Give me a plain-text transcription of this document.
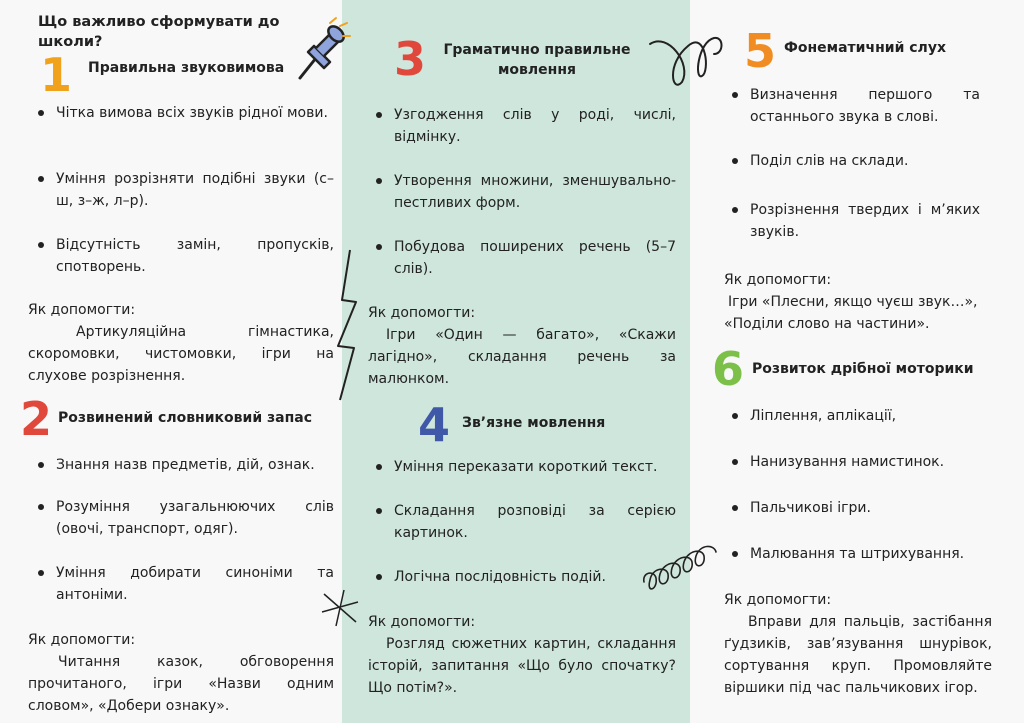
Що важливо сформувати до школи?
1 Правильна звуковимова
Чітка вимова всіх звуків рідної мови.
Уміння розрізняти подібні звуки (с–ш, з–ж, л–р).
Відсутність замін, пропусків, спотворень.
Як допомогти:
Артикуляційна гімнастика, скоромовки, чистомовки, ігри на слухове розрізнення.
2 Розвинений словниковий запас
Знання назв предметів, дій, ознак.
Розуміння узагальнюючих слів (овочі, транспорт, одяг).
Уміння добирати синоніми та антоніми.
Як допомогти:
Читання казок, обговорення прочитаного, ігри «Назви одним словом», «Добери ознаку».
3	Граматично правильне мовлення
Узгодження слів у роді, числі, відмінку.
Утворення множини, зменшувально-пестливих форм.
Побудова поширених речень (5–7 слів).
Як допомогти:
Ігри «Один — багато», «Скажи лагідно», складання речень за малюнком.
4 Зв’язне мовлення
Уміння переказати короткий текст.
Складання розповіді за серією картинок.
Логічна послідовність подій.
Як допомогти:
Розгляд сюжетних картин, складання історій, запитання «Що було спочатку? Що потім?».
5 Фонематичний слух
Визначення першого та останнього звука в слові.
Поділ слів на склади.
Розрізнення твердих і м’яких звуків.
Як допомогти:
Ігри «Плесни, якщо чуєш звук…», «Поділи слово на частини».
6 Розвиток дрібної моторики
Ліплення, аплікації,
Нанизування намистинок.
Пальчикові ігри.
Малювання та штрихування.
Як допомогти:
Вправи для пальців, застібання ґудзиків, зав’язування шнурівок, сортування круп. Промовляйте віршики під час пальчикових ігор.
